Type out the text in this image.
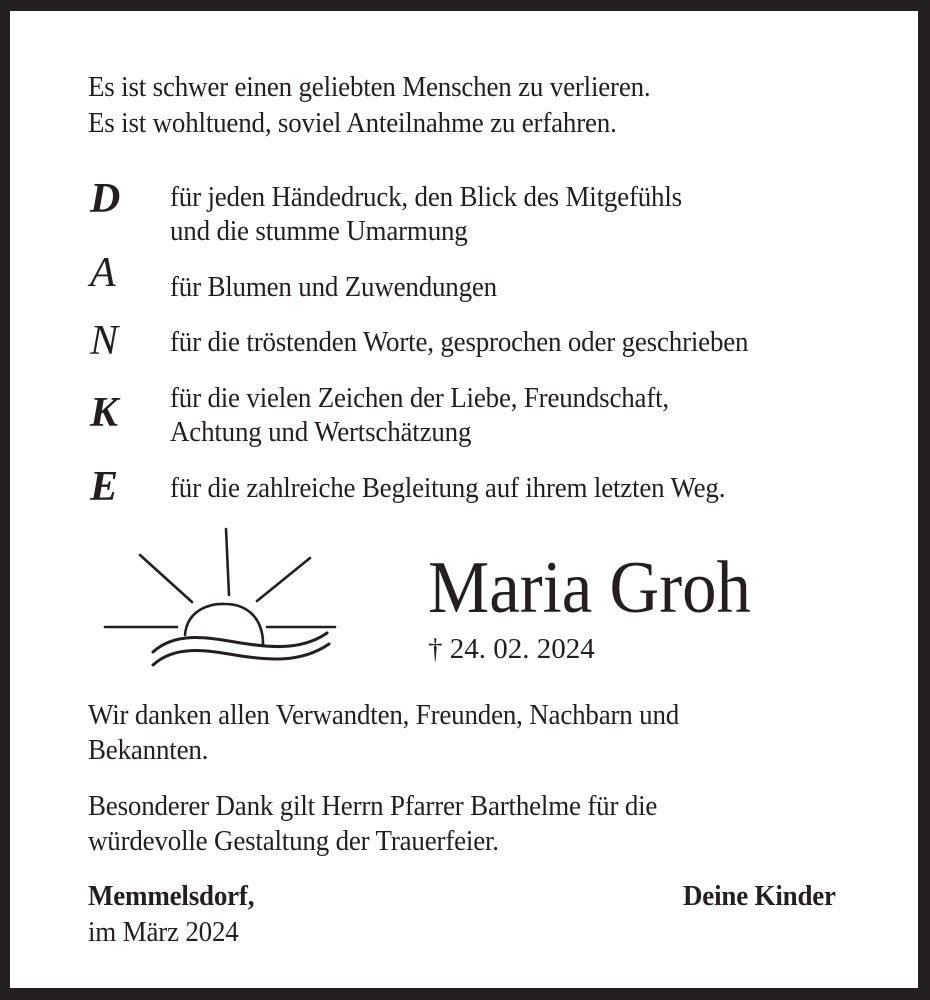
Es ist schwer einen geliebten Menschen zu verlieren.
Es ist wohltuend, soviel Anteilnahme zu erfahren.
D für jeden Händedruck, den Blick des Mitgefühls
und die stumme Umarmung
A für Blumen und Zuwendungen
N für die tröstenden Worte, gesprochen oder geschrieben
K für die vielen Zeichen der Liebe, Freundschaft,
Achtung und Wertschätzung
E für die zahlreiche Begleitung auf ihrem letzten Weg.
Maria Groh
† 24. 02. 2024
Wir danken allen Verwandten, Freunden, Nachbarn und
Bekannten.
Besonderer Dank gilt Herrn Pfarrer Barthelme für die
würdevolle Gestaltung der Trauerfeier.
Memmelsdorf,
im März 2024
Deine Kinder
